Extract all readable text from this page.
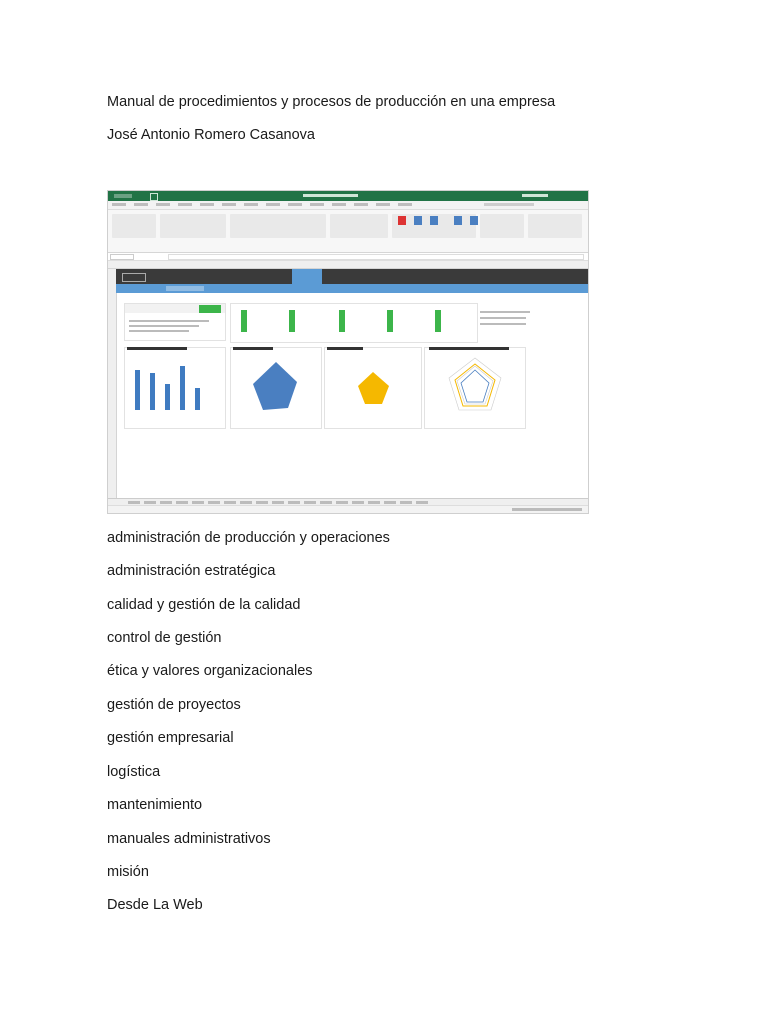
Manual de procedimientos y procesos de producción en una empresa
José Antonio Romero Casanova
administración de producción y operaciones
administración estratégica
calidad y gestión de la calidad
control de gestión
ética y valores organizacionales
gestión de proyectos
gestión empresarial
logística
mantenimiento
manuales administrativos
misión
Desde La Web
